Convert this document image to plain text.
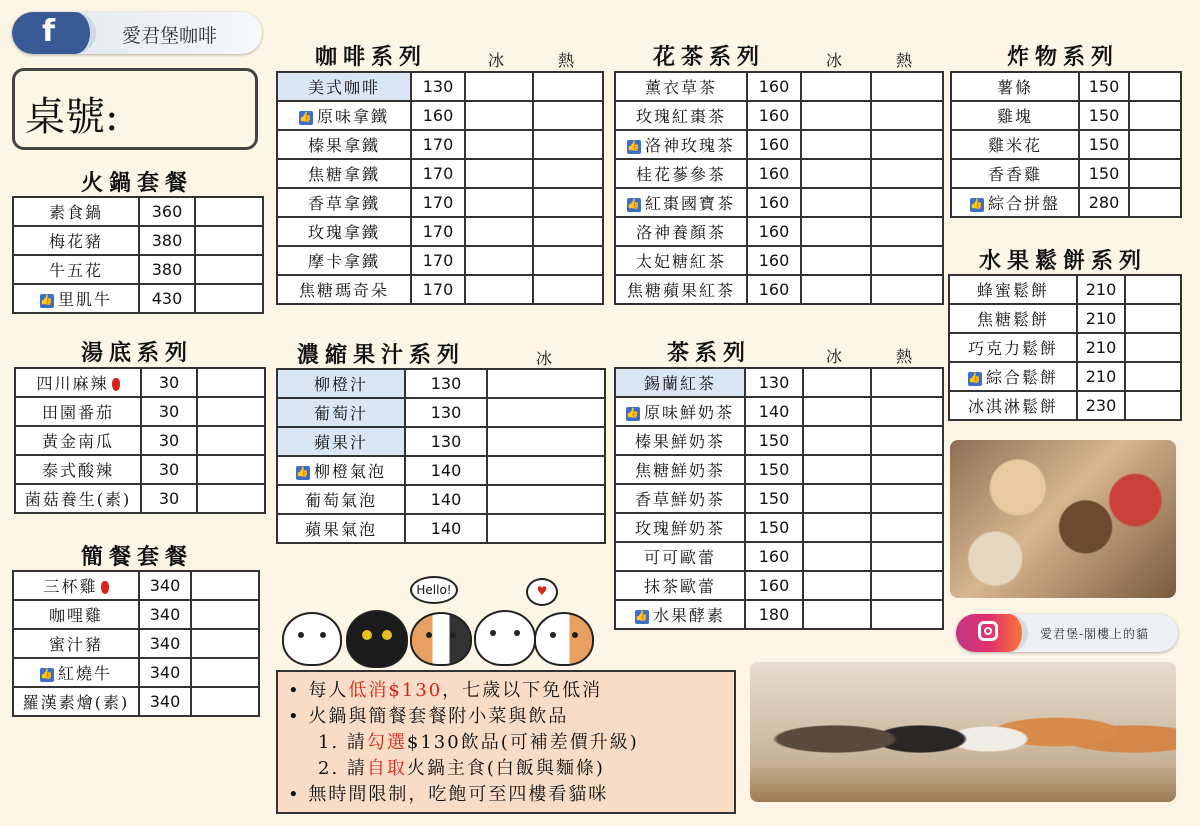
f	愛君堡咖啡
桌號:
火鍋套餐
湯底系列
簡餐套餐
咖啡系列
濃縮果汁系列
花茶系列
茶系列
炸物系列
水果鬆餅系列
冰	熱
冰
冰	熱
冰	熱
素食鍋	360	
梅花豬	380	
牛五花	380	
👍 里肌牛	430	
四川麻辣	30	
田園番茄	30	
黃金南瓜	30	
泰式酸辣	30	
菌菇養生(素)	30	
三杯雞	340	
咖哩雞	340	
蜜汁豬	340	
👍 紅燒牛	340	
羅漢素燴(素)	340	
美式咖啡	130		
👍 原味拿鐵	160		
榛果拿鐵	170		
焦糖拿鐵	170		
香草拿鐵	170		
玫瑰拿鐵	170		
摩卡拿鐵	170		
焦糖瑪奇朵	170		
柳橙汁	130	
葡萄汁	130	
蘋果汁	130	
👍 柳橙氣泡	140	
葡萄氣泡	140	
蘋果氣泡	140	
薰衣草茶	160		
玫瑰紅棗茶	160		
👍 洛神玫瑰茶	160		
桂花蔘參茶	160		
👍 紅棗國寶茶	160		
洛神養顏茶	160		
太妃糖紅茶	160		
焦糖蘋果紅茶	160		
錫蘭紅茶	130		
👍 原味鮮奶茶	140		
榛果鮮奶茶	150		
焦糖鮮奶茶	150		
香草鮮奶茶	150		
玫瑰鮮奶茶	150		
可可歐蕾	160		
抹茶歐蕾	160		
👍 水果酵素	180		
薯條	150	
雞塊	150	
雞米花	150	
香香雞	150	
👍 綜合拼盤	280	
蜂蜜鬆餅	210	
焦糖鬆餅	210	
巧克力鬆餅	210	
👍 綜合鬆餅	210	
冰淇淋鬆餅	230	
Hello!	♥
• 每人低消$130，七歲以下免低消
• 火鍋與簡餐套餐附小菜與飲品
1. 請勾選$130飲品(可補差價升級)
2. 請自取火鍋主食(白飯與麵條)
• 無時間限制，吃飽可至四樓看貓咪
愛君堡-閣樓上的貓
